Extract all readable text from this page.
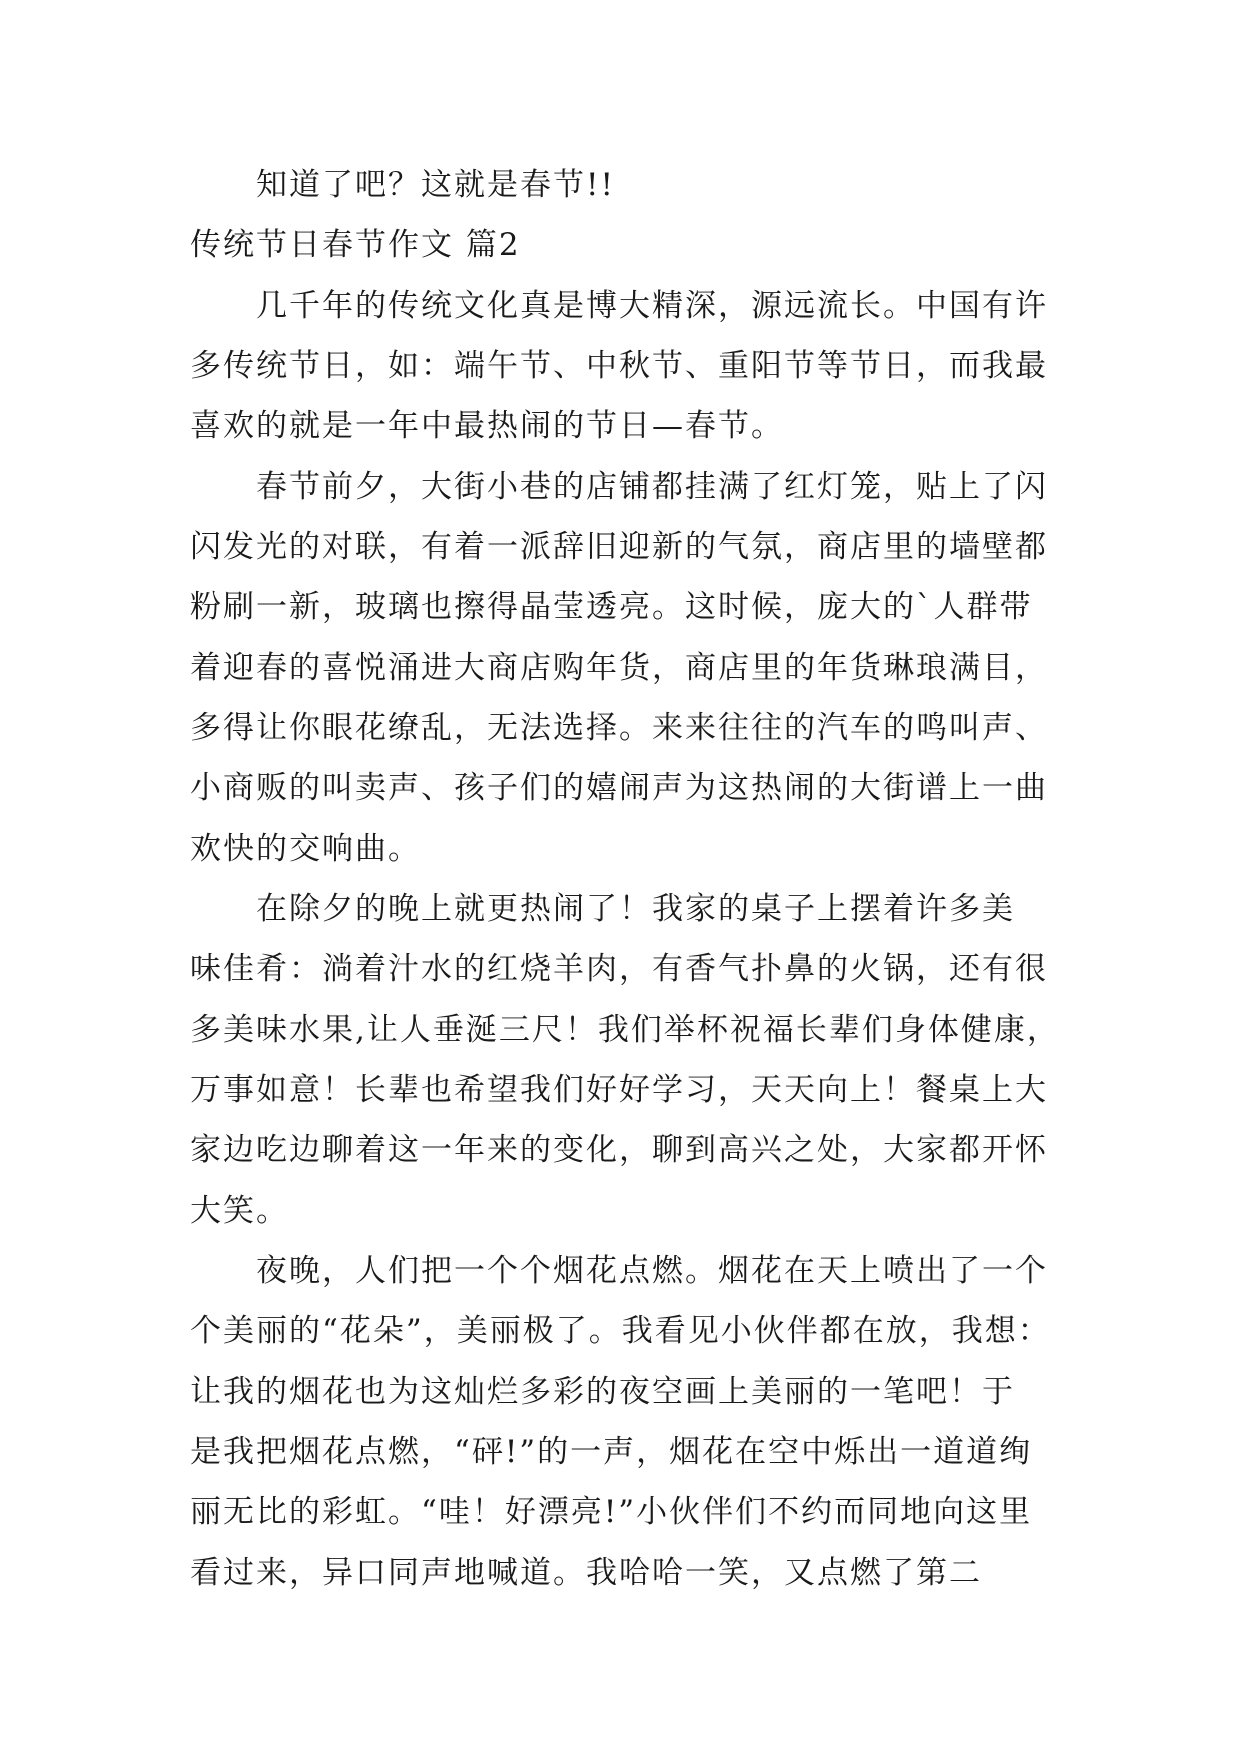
知道了吧？这就是春节!!
传统节日春节作文 篇2
几千年的传统文化真是博大精深，源远流长。中国有许
多传统节日，如：端午节、中秋节、重阳节等节日，而我最
喜欢的就是一年中最热闹的节日—春节。
春节前夕，大街小巷的店铺都挂满了红灯笼，贴上了闪
闪发光的对联，有着一派辞旧迎新的气氛，商店里的墙壁都
粉刷一新，玻璃也擦得晶莹透亮。这时候，庞大的`人群带
着迎春的喜悦涌进大商店购年货，商店里的年货琳琅满目，
多得让你眼花缭乱，无法选择。来来往往的汽车的鸣叫声、
小商贩的叫卖声、孩子们的嬉闹声为这热闹的大街谱上一曲
欢快的交响曲。
在除夕的晚上就更热闹了！我家的桌子上摆着许多美
味佳肴：淌着汁水的红烧羊肉，有香气扑鼻的火锅，还有很
多美味水果,让人垂涎三尺！我们举杯祝福长辈们身体健康，
万事如意！长辈也希望我们好好学习，天天向上！餐桌上大
家边吃边聊着这一年来的变化，聊到高兴之处，大家都开怀
大笑。
夜晚，人们把一个个烟花点燃。烟花在天上喷出了一个
个美丽的“花朵”，美丽极了。我看见小伙伴都在放，我想：
让我的烟花也为这灿烂多彩的夜空画上美丽的一笔吧！于
是我把烟花点燃，“砰!”的一声，烟花在空中烁出一道道绚
丽无比的彩虹。“哇！好漂亮!”小伙伴们不约而同地向这里
看过来，异口同声地喊道。我哈哈一笑，又点燃了第二
